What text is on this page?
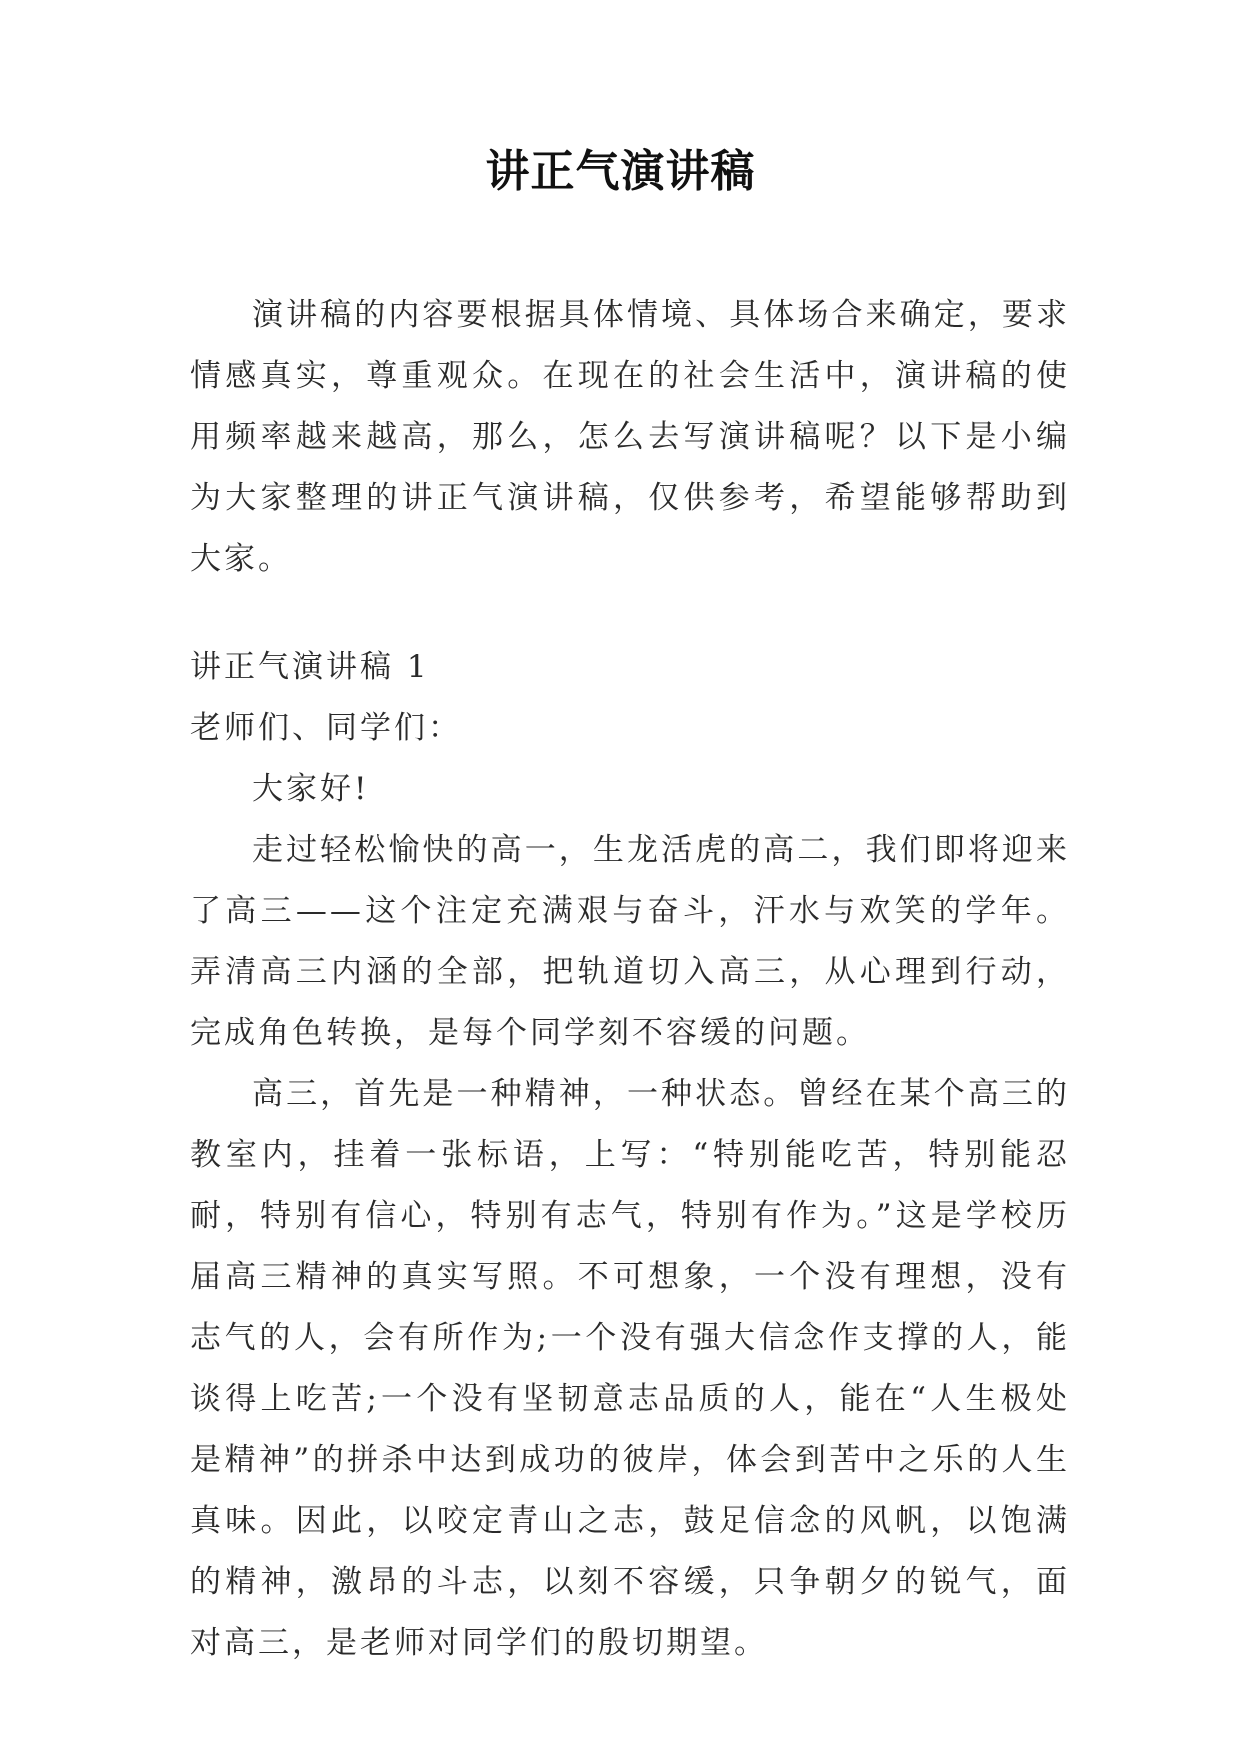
讲正气演讲稿

演讲稿的内容要根据具体情境、具体场合来确定，要求情感真实，尊重观众。在现在的社会生活中，演讲稿的使用频率越来越高，那么，怎么去写演讲稿呢？以下是小编为大家整理的讲正气演讲稿，仅供参考，希望能够帮助到大家。

讲正气演讲稿 1

老师们、同学们：

大家好!

走过轻松愉快的高一，生龙活虎的高二，我们即将迎来了高三——这个注定充满艰与奋斗，汗水与欢笑的学年。弄清高三内涵的全部，把轨道切入高三，从心理到行动，完成角色转换，是每个同学刻不容缓的问题。

高三，首先是一种精神，一种状态。曾经在某个高三的教室内，挂着一张标语，上写：“特别能吃苦，特别能忍耐，特别有信心，特别有志气，特别有作为。”这是学校历届高三精神的真实写照。不可想象，一个没有理想，没有志气的人，会有所作为;一个没有强大信念作支撑的人，能谈得上吃苦;一个没有坚韧意志品质的人，能在“人生极处是精神”的拼杀中达到成功的彼岸，体会到苦中之乐的人生真味。因此，以咬定青山之志，鼓足信念的风帆，以饱满的精神，激昂的斗志，以刻不容缓，只争朝夕的锐气，面对高三，是老师对同学们的殷切期望。
